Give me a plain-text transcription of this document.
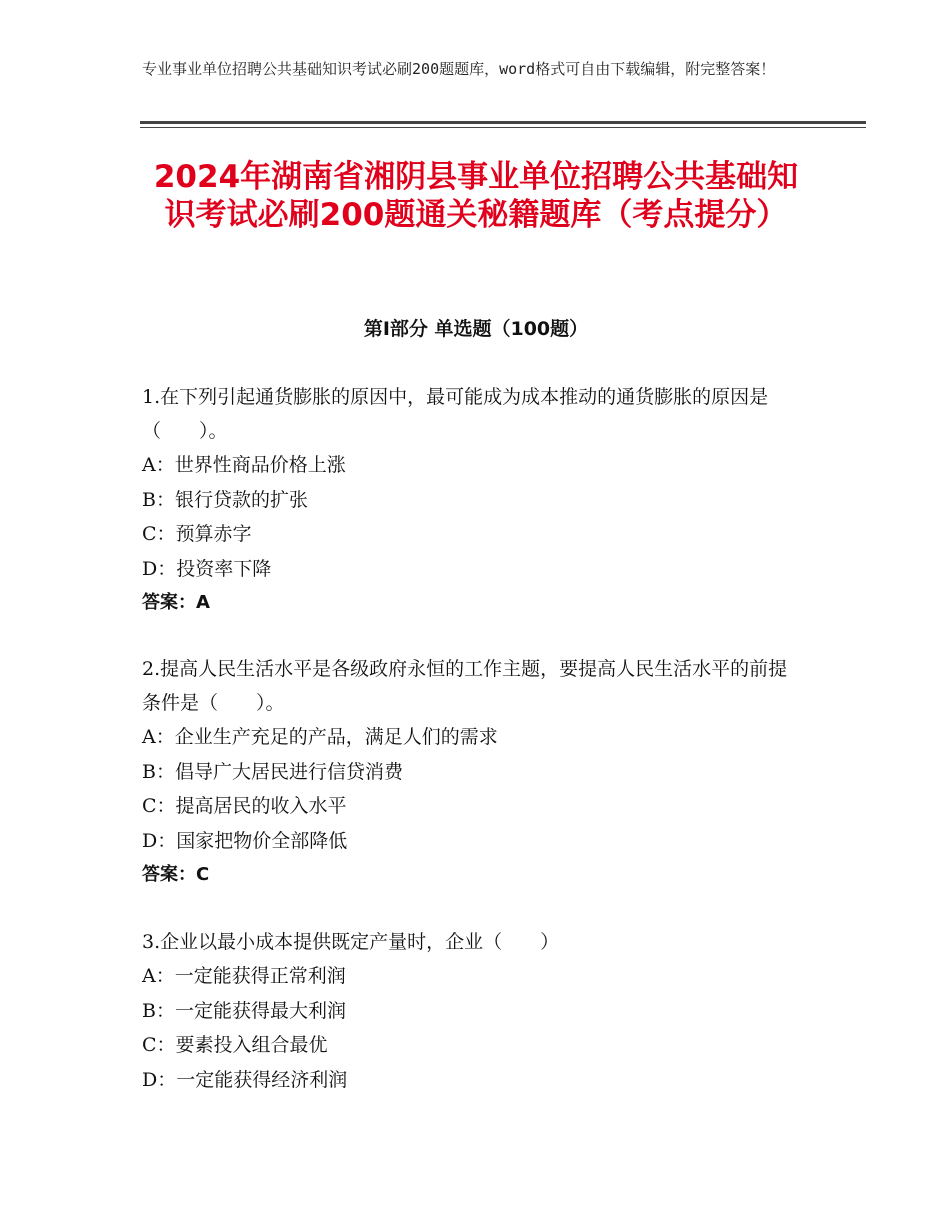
专业事业单位招聘公共基础知识考试必刷200题题库，word格式可自由下载编辑，附完整答案！
2024年湖南省湘阴县事业单位招聘公共基础知识考试必刷200题通关秘籍题库（考点提分）
第Ⅰ部分 单选题（100题）
1.在下列引起通货膨胀的原因中，最可能成为成本推动的通货膨胀的原因是（　　）。
A：世界性商品价格上涨
B：银行贷款的扩张
C：预算赤字
D：投资率下降
答案：A
2.提高人民生活水平是各级政府永恒的工作主题，要提高人民生活水平的前提条件是（　　）。
A：企业生产充足的产品，满足人们的需求
B：倡导广大居民进行信贷消费
C：提高居民的收入水平
D：国家把物价全部降低
答案：C
3.企业以最小成本提供既定产量时，企业（　　）
A：一定能获得正常利润
B：一定能获得最大利润
C：要素投入组合最优
D：一定能获得经济利润
